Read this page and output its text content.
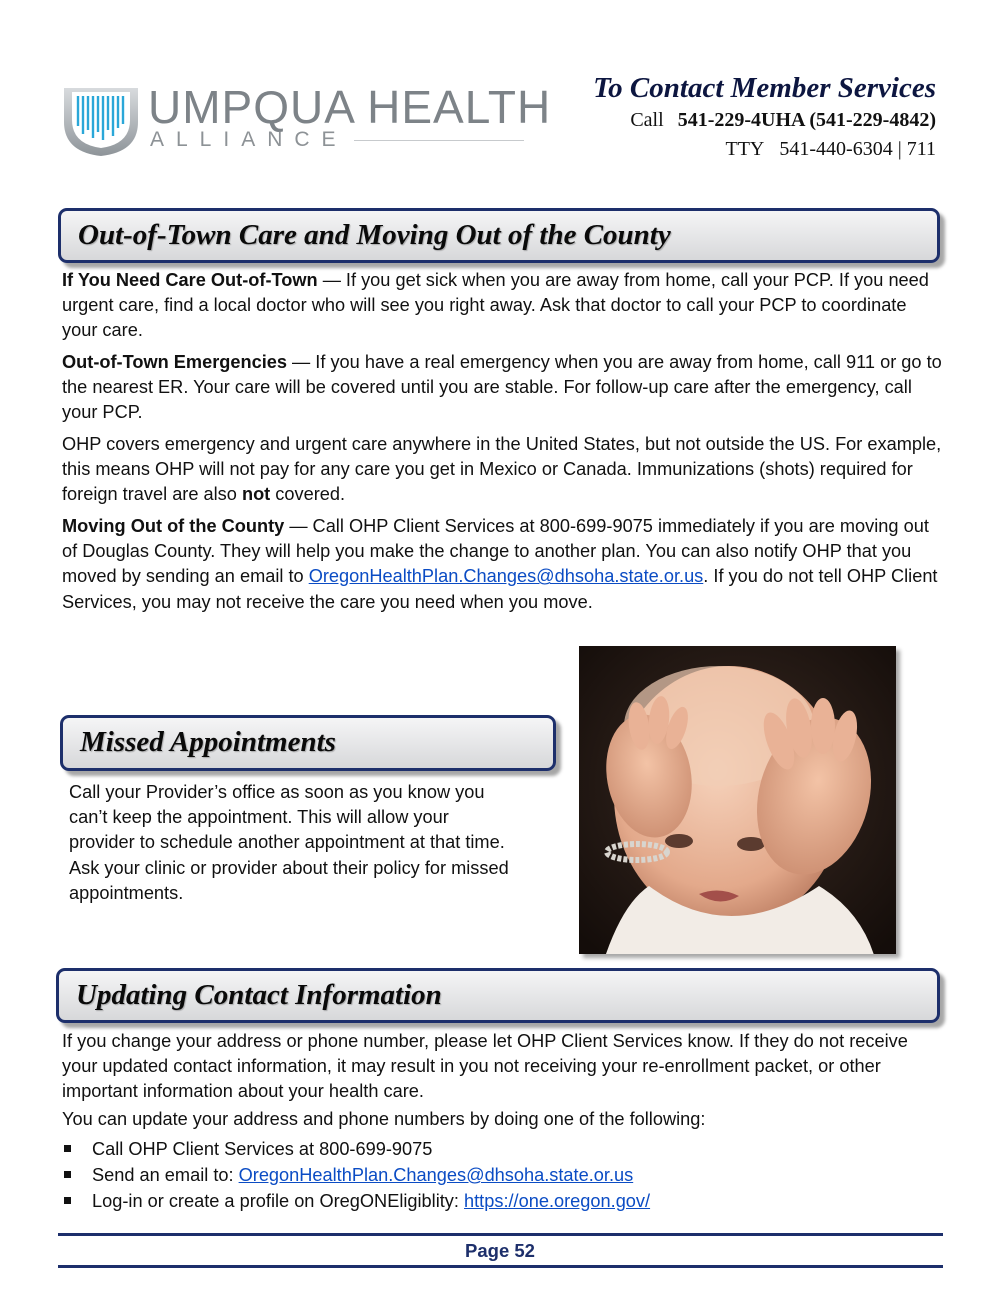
UMPQUA HEALTH
ALLIANCE
To Contact Member Services
Call 541-229-4UHA (541-229-4842)
TTY 541-440-6304 | 711
Out-of-Town Care and Moving Out of the County
If You Need Care Out-of-Town — If you get sick when you are away from home, call your PCP. If you need urgent care, find a local doctor who will see you right away. Ask that doctor to call your PCP to coordinate your care.
Out-of-Town Emergencies — If you have a real emergency when you are away from home, call 911 or go to the nearest ER. Your care will be covered until you are stable. For follow-up care after the emergency, call your PCP.
OHP covers emergency and urgent care anywhere in the United States, but not outside the US. For example, this means OHP will not pay for any care you get in Mexico or Canada. Immunizations (shots) required for foreign travel are also not covered.
Moving Out of the County — Call OHP Client Services at 800-699-9075 immediately if you are moving out of Douglas County. They will help you make the change to another plan. You can also notify OHP that you moved by sending an email to OregonHealthPlan.Changes@dhsoha.state.or.us. If you do not tell OHP Client Services, you may not receive the care you need when you move.
Missed Appointments
Call your Provider’s office as soon as you know you can’t keep the appointment. This will allow your provider to schedule another appointment at that time. Ask your clinic or provider about their policy for missed appointments.
Updating Contact Information
If you change your address or phone number, please let OHP Client Services know. If they do not receive your updated contact information, it may result in you not receiving your re-enrollment packet, or other important information about your health care.
You can update your address and phone numbers by doing one of the following:
Call OHP Client Services at 800-699-9075
Send an email to: OregonHealthPlan.Changes@dhsoha.state.or.us
Log-in or create a profile on OregONEligiblity: https://one.oregon.gov/
Page 52
